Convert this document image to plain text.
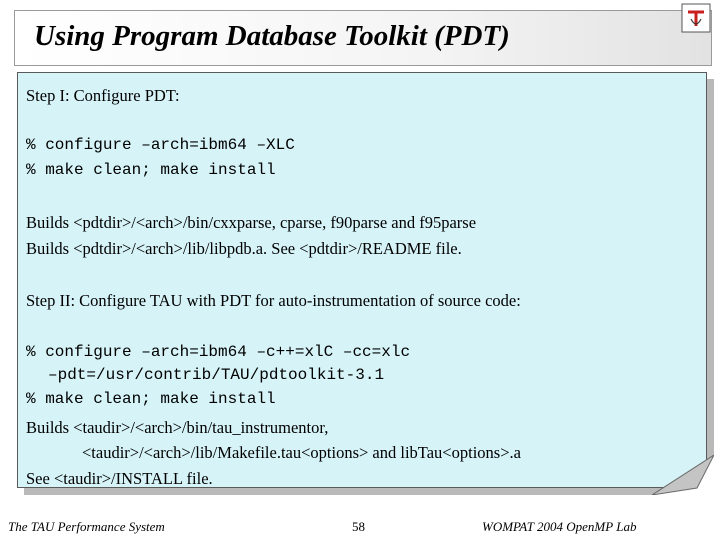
Using Program Database Toolkit (PDT)
Step I: Configure PDT:
% configure –arch=ibm64 –XLC
% make clean; make install
Builds <pdtdir>/<arch>/bin/cxxparse, cparse, f90parse and f95parse
Builds <pdtdir>/<arch>/lib/libpdb.a. See <pdtdir>/README file.
Step II: Configure TAU with PDT for auto-instrumentation of source code:
% configure –arch=ibm64 –c++=xlC –cc=xlc
–pdt=/usr/contrib/TAU/pdtoolkit-3.1
% make clean; make install
Builds <taudir>/<arch>/bin/tau_instrumentor,
<taudir>/<arch>/lib/Makefile.tau<options> and libTau<options>.a
See <taudir>/INSTALL file.
The TAU Performance System	58	WOMPAT 2004 OpenMP Lab
